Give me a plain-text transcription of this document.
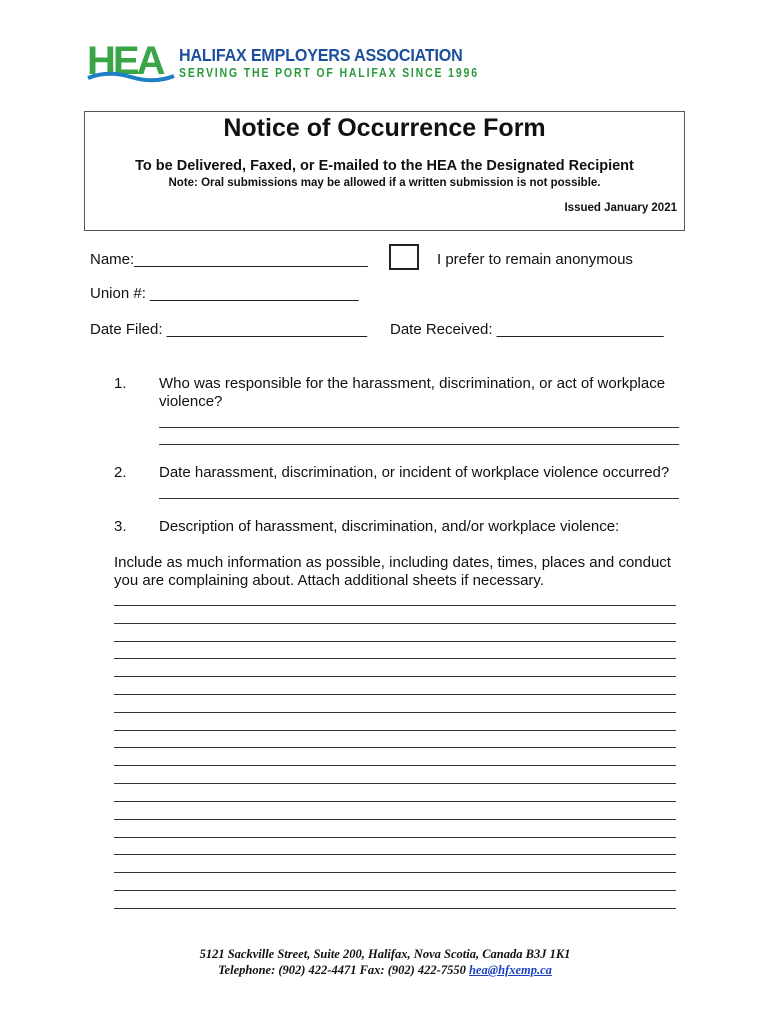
HEA HALIFAX EMPLOYERS ASSOCIATION
SERVING THE PORT OF HALIFAX SINCE 1996
Notice of Occurrence Form
To be Delivered, Faxed, or E-mailed to the HEA the Designated Recipient
Note: Oral submissions may be allowed if a written submission is not possible.
Issued January 2021
Name:____________________________	I prefer to remain anonymous
Union #: _________________________
Date Filed: ________________________ Date Received: ____________________
1. Who was responsible for the harassment, discrimination, or act of workplace violence?
2. Date harassment, discrimination, or incident of workplace violence occurred?
3. Description of harassment, discrimination, and/or workplace violence:
Include as much information as possible, including dates, times, places and conduct you are complaining about. Attach additional sheets if necessary.
5121 Sackville Street, Suite 200, Halifax, Nova Scotia, Canada B3J 1K1
Telephone: (902) 422-4471 Fax: (902) 422-7550 hea@hfxemp.ca
